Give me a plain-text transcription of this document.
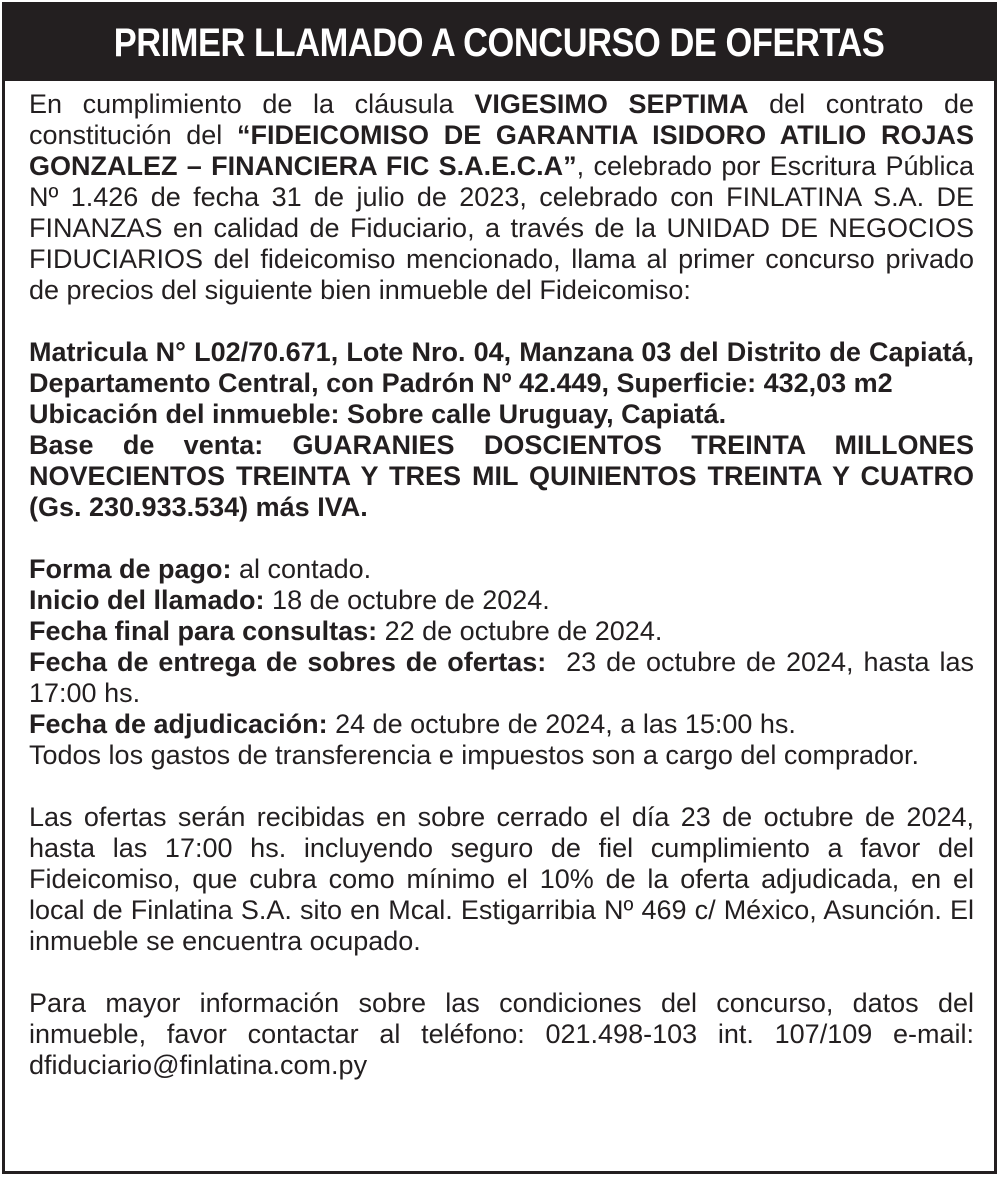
PRIMER LLAMADO A CONCURSO DE OFERTAS

En cumplimiento de la cláusula VIGESIMO SEPTIMA del contrato de constitución del “FIDEICOMISO DE GARANTIA ISIDORO ATILIO ROJAS GONZALEZ – FINANCIERA FIC S.A.E.C.A”, celebrado por Escritura Pública Nº 1.426 de fecha 31 de julio de 2023, celebrado con FINLATINA S.A. DE FINANZAS en calidad de Fiduciario, a través de la UNIDAD DE NEGOCIOS FIDUCIARIOS del fideicomiso mencionado, llama al primer concurso privado de precios del siguiente bien inmueble del Fideicomiso:

Matricula N° L02/70.671, Lote Nro. 04, Manzana 03 del Distrito de Capiatá, Departamento Central, con Padrón Nº 42.449, Superficie: 432,03 m2

Ubicación del inmueble: Sobre calle Uruguay, Capiatá.

Base de venta: GUARANIES DOSCIENTOS TREINTA MILLONES NOVECIENTOS TREINTA Y TRES MIL QUINIENTOS TREINTA Y CUATRO (Gs. 230.933.534) más IVA.

Forma de pago: al contado.

Inicio del llamado: 18 de octubre de 2024.

Fecha final para consultas: 22 de octubre de 2024.

Fecha de entrega de sobres de ofertas:  23 de octubre de 2024, hasta las 17:00 hs.

Fecha de adjudicación: 24 de octubre de 2024, a las 15:00 hs.

Todos los gastos de transferencia e impuestos son a cargo del comprador.

Las ofertas serán recibidas en sobre cerrado el día 23 de octubre de 2024, hasta las 17:00 hs. incluyendo seguro de fiel cumplimiento a favor del Fideicomiso, que cubra como mínimo el 10% de la oferta adjudicada, en el local de Finlatina S.A. sito en Mcal. Estigarribia Nº 469 c/ México, Asunción. El inmueble se encuentra ocupado.

Para mayor información sobre las condiciones del concurso, datos del inmueble, favor contactar al teléfono: 021.498-103 int. 107/109 e-mail: dfiduciario@finlatina.com.py
